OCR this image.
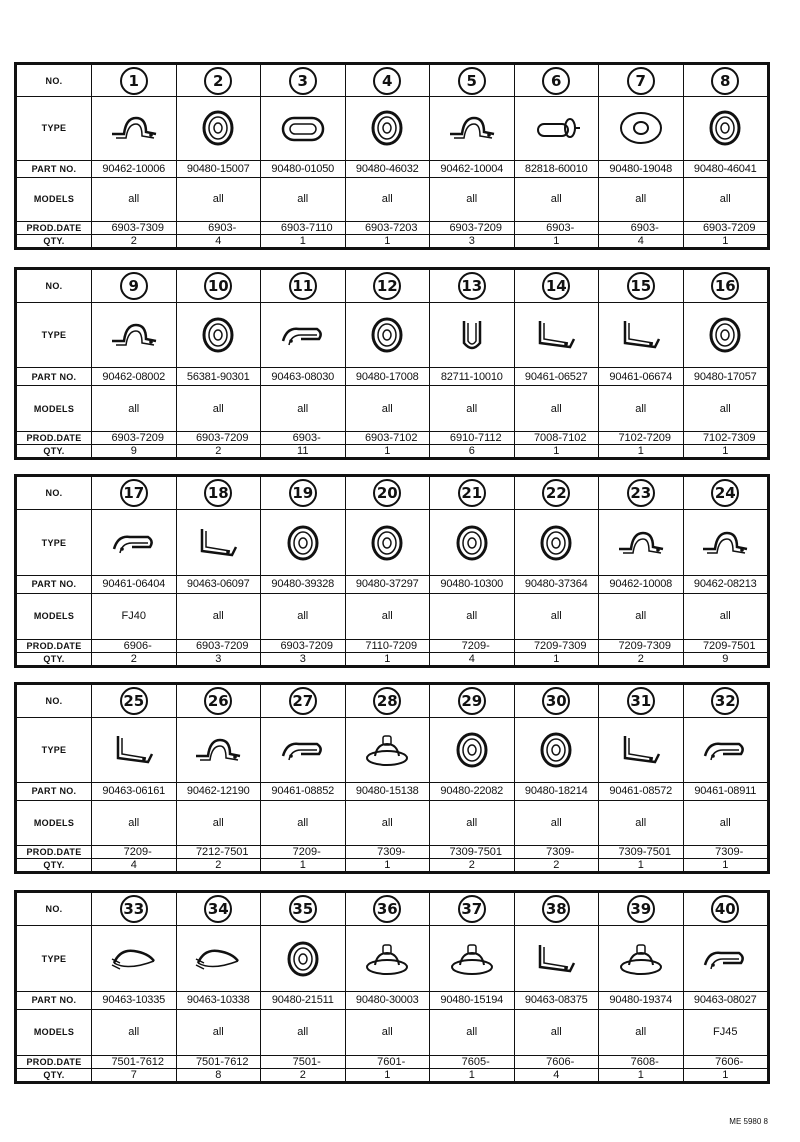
NO.	1	2	3	4	5	6	7	8
TYPE	

PART NO.	90462-10006	90480-15007	90480-01050	90480-46032	90462-10004	82818-60010	90480-19048	90480-46041
MODELS	all	all	all	all	all	all	all	all
PROD.DATE	6903-7309	6903-	6903-7110	6903-7203	6903-7209	6903-	6903-	6903-7209
QTY.	2	4	1	1	3	1	4	1
NO.	9	10	11	12	13	14	15	16
TYPE	

PART NO.	90462-08002	56381-90301	90463-08030	90480-17008	82711-10010	90461-06527	90461-06674	90480-17057
MODELS	all	all	all	all	all	all	all	all
PROD.DATE	6903-7209	6903-7209	6903-	6903-7102	6910-7112	7008-7102	7102-7209	7102-7309
QTY.	9	2	11	1	6	1	1	1
NO.	17	18	19	20	21	22	23	24
TYPE	

PART NO.	90461-06404	90463-06097	90480-39328	90480-37297	90480-10300	90480-37364	90462-10008	90462-08213
MODELS	FJ40	all	all	all	all	all	all	all
PROD.DATE	6906-	6903-7209	6903-7209	7110-7209	7209-	7209-7309	7209-7309	7209-7501
QTY.	2	3	3	1	4	1	2	9
NO.	25	26	27	28	29	30	31	32
TYPE	

PART NO.	90463-06161	90462-12190	90461-08852	90480-15138	90480-22082	90480-18214	90461-08572	90461-08911
MODELS	all	all	all	all	all	all	all	all
PROD.DATE	7209-	7212-7501	7209-	7309-	7309-7501	7309-	7309-7501	7309-
QTY.	4	2	1	1	2	2	1	1
NO.	33	34	35	36	37	38	39	40
TYPE	

PART NO.	90463-10335	90463-10338	90480-21511	90480-30003	90480-15194	90463-08375	90480-19374	90463-08027
MODELS	all	all	all	all	all	all	all	FJ45
PROD.DATE	7501-7612	7501-7612	7501-	7601-	7605-	7606-	7608-	7606-
QTY.	7	8	2	1	1	4	1	1
ME 5980 8
